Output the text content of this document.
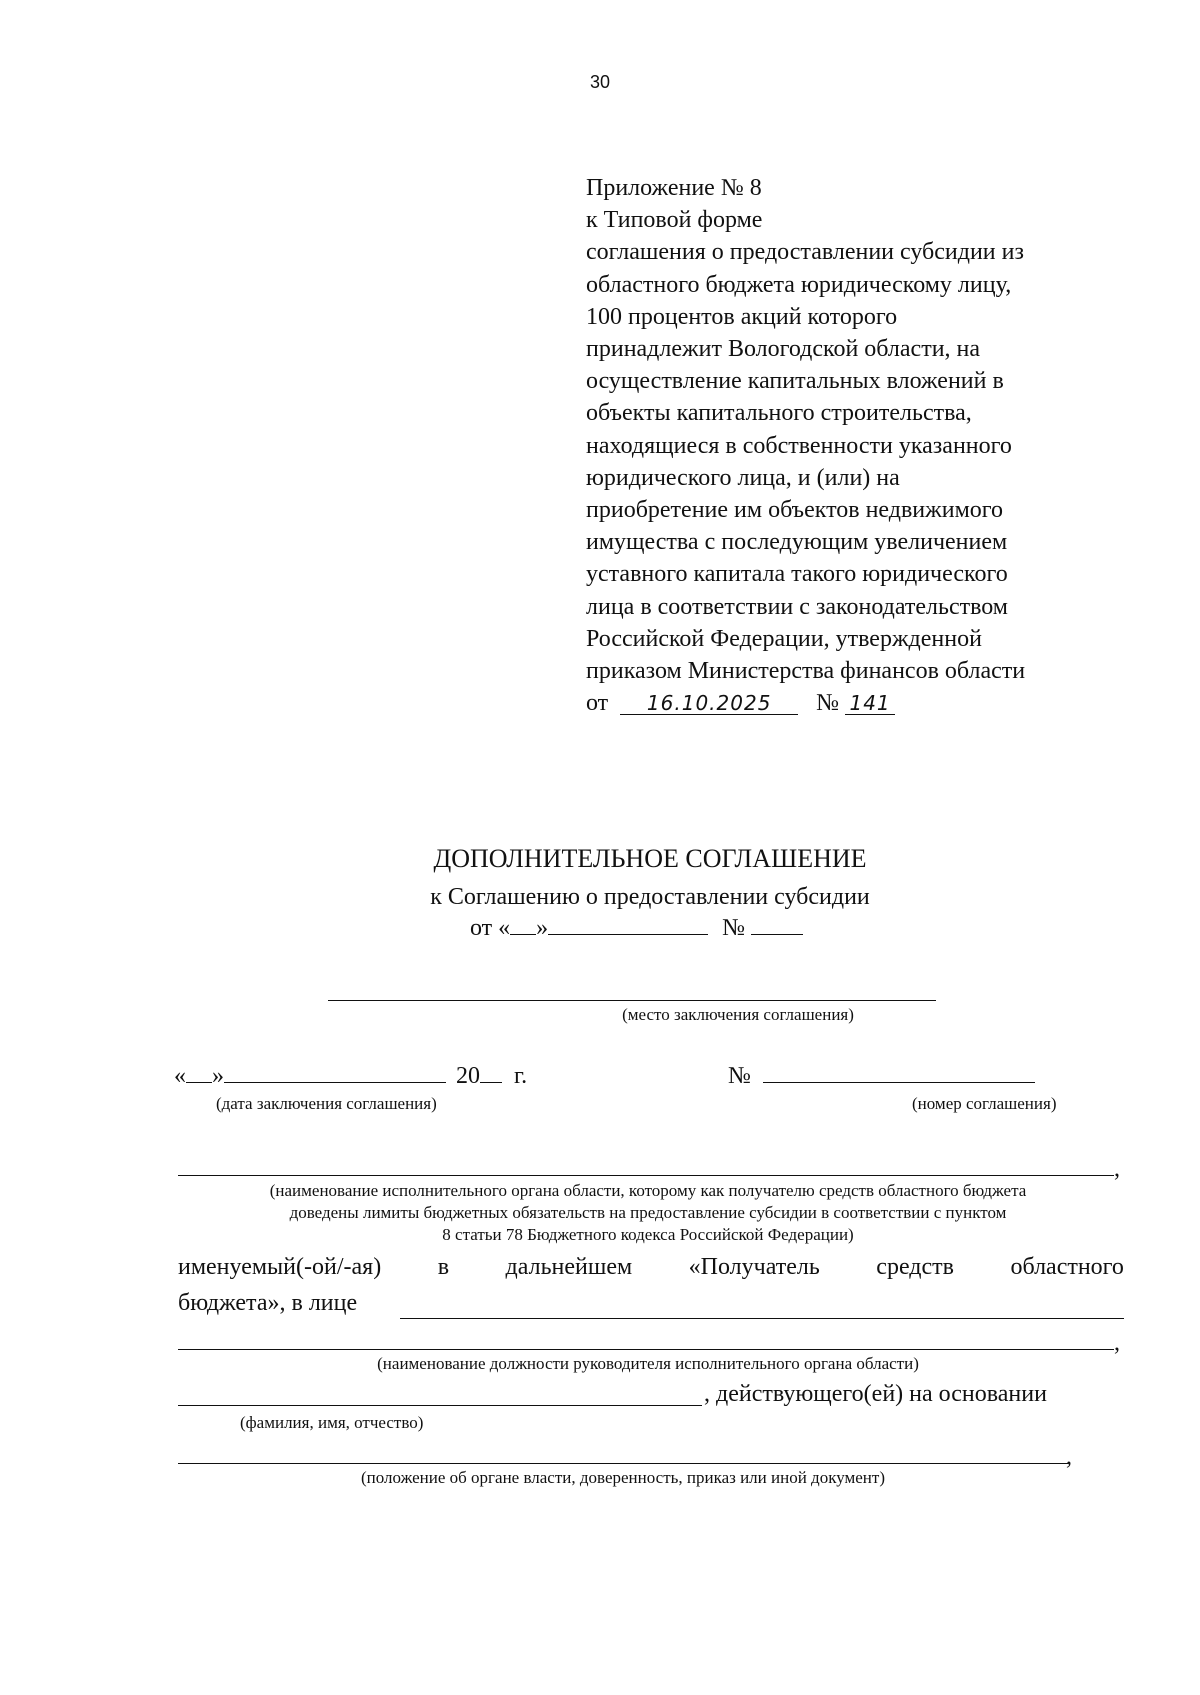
30
Приложение № 8
к Типовой форме
соглашения о предоставлении субсидии из
областного бюджета юридическому лицу,
100 процентов акций которого
принадлежит Вологодской области, на
осуществление капитальных вложений в
объекты капитального строительства,
находящиеся в собственности указанного
юридического лица, и (или) на
приобретение им объектов недвижимого
имущества с последующим увеличением
уставного капитала такого юридического
лица в соответствии с законодательством
Российской Федерации, утвержденной
приказом Министерства финансов области
от 16.10.2025 № 141
ДОПОЛНИТЕЛЬНОЕ СОГЛАШЕНИЕ
к Соглашению о предоставлении субсидии
от « »	№
(место заключения соглашения)
« »	20 г.	№
(дата заключения соглашения)	(номер соглашения)
,
(наименование исполнительного органа области, которому как получателю средств областного бюджета
доведены лимиты бюджетных обязательств на предоставление субсидии в соответствии с пунктом
8 статьи 78 Бюджетного кодекса Российской Федерации)
именуемый(-ой/-ая) в дальнейшем «Получатель средств областного
бюджета», в лице
,
(наименование должности руководителя исполнительного органа области)
, действующего(ей) на основании
(фамилия, имя, отчество)
,
(положение об органе власти, доверенность, приказ или иной документ)
